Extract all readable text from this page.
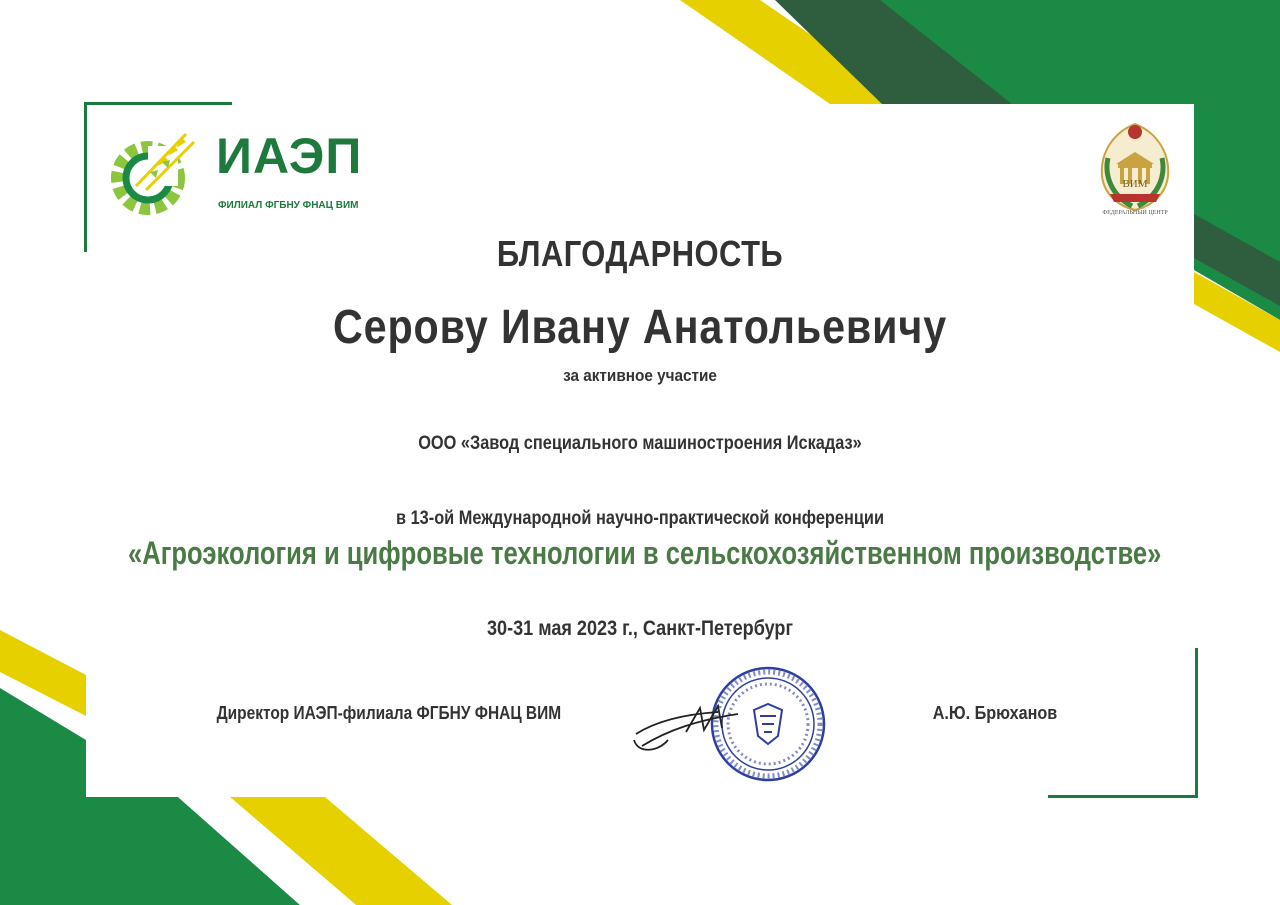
ИАЭП
ФИЛИАЛ ФГБНУ ФНАЦ ВИМ
ВИМ
ФЕДЕРАЛЬНЫЙ ЦЕНТР
БЛАГОДАРНОСТЬ
Серову Ивану Анатольевичу
за активное участие
ООО «Завод специального машиностроения Искадаз»
в 13-ой Международной научно-практической конференции
«Агроэкология и цифровые технологии в сельскохозяйственном производстве»
30-31 мая 2023 г., Санкт-Петербург
Директор ИАЭП-филиала ФГБНУ ФНАЦ ВИМ	А.Ю. Брюханов
